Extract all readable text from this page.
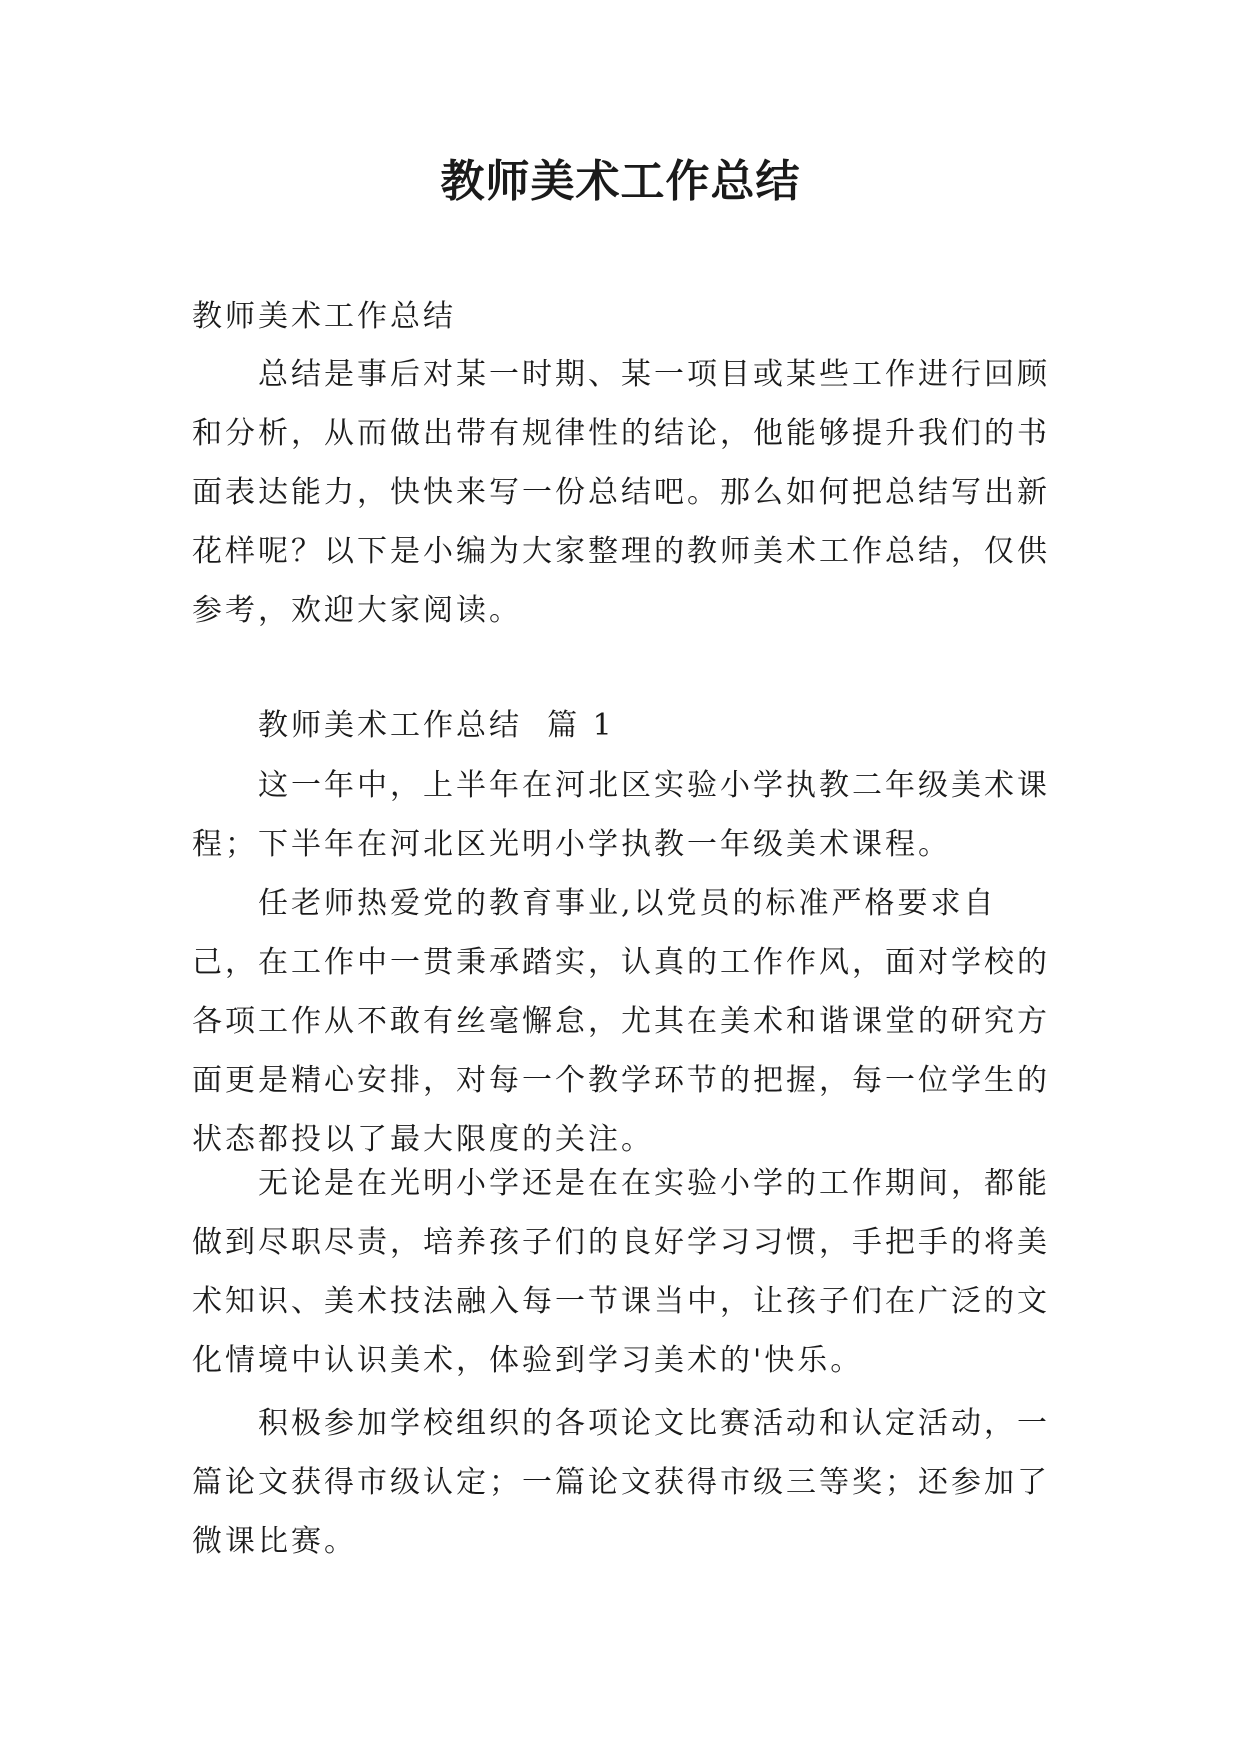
教师美术工作总结
教师美术工作总结
总结是事后对某一时期、某一项目或某些工作进行回顾和分析，从而做出带有规律性的结论，他能够提升我们的书面表达能力，快快来写一份总结吧。那么如何把总结写出新花样呢？以下是小编为大家整理的教师美术工作总结，仅供参考，欢迎大家阅读。
教师美术工作总结  篇 1

这一年中，上半年在河北区实验小学执教二年级美术课程；下半年在河北区光明小学执教一年级美术课程。

任老师热爱党的教育事业,以党员的标准严格要求自己，在工作中一贯秉承踏实，认真的工作作风，面对学校的各项工作从不敢有丝毫懈怠，尤其在美术和谐课堂的研究方面更是精心安排，对每一个教学环节的把握，每一位学生的状态都投以了最大限度的关注。

无论是在光明小学还是在在实验小学的工作期间，都能做到尽职尽责，培养孩子们的良好学习习惯，手把手的将美术知识、美术技法融入每一节课当中，让孩子们在广泛的文化情境中认识美术，体验到学习美术的'快乐。

积极参加学校组织的各项论文比赛活动和认定活动，一篇论文获得市级认定；一篇论文获得市级三等奖；还参加了微课比赛。
